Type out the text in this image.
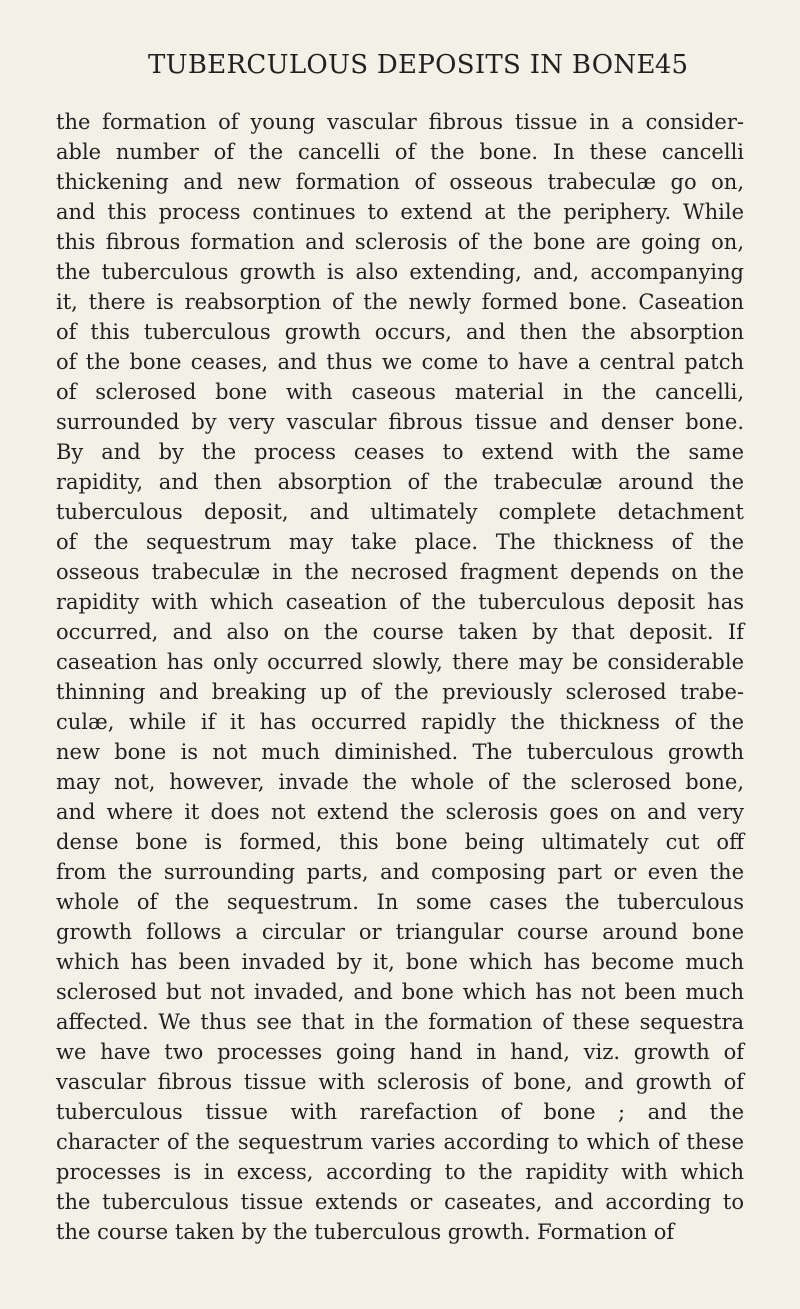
TUBERCULOUS DEPOSITS IN BONE 45
the formation of young vascular fibrous tissue in a consider-
able number of the cancelli of the bone. In these cancelli
thickening and new formation of osseous trabeculæ go on,
and this process continues to extend at the periphery. While
this fibrous formation and sclerosis of the bone are going on,
the tuberculous growth is also extending, and, accompanying
it, there is reabsorption of the newly formed bone. Caseation
of this tuberculous growth occurs, and then the absorption
of the bone ceases, and thus we come to have a central patch
of sclerosed bone with caseous material in the cancelli,
surrounded by very vascular fibrous tissue and denser bone.
By and by the process ceases to extend with the same
rapidity, and then absorption of the trabeculæ around the
tuberculous deposit, and ultimately complete detachment
of the sequestrum may take place. The thickness of the
osseous trabeculæ in the necrosed fragment depends on the
rapidity with which caseation of the tuberculous deposit has
occurred, and also on the course taken by that deposit. If
caseation has only occurred slowly, there may be considerable
thinning and breaking up of the previously sclerosed trabe-
culæ, while if it has occurred rapidly the thickness of the
new bone is not much diminished. The tuberculous growth
may not, however, invade the whole of the sclerosed bone,
and where it does not extend the sclerosis goes on and very
dense bone is formed, this bone being ultimately cut off
from the surrounding parts, and composing part or even the
whole of the sequestrum. In some cases the tuberculous
growth follows a circular or triangular course around bone
which has been invaded by it, bone which has become much
sclerosed but not invaded, and bone which has not been much
affected. We thus see that in the formation of these sequestra
we have two processes going hand in hand, viz. growth of
vascular fibrous tissue with sclerosis of bone, and growth of
tuberculous tissue with rarefaction of bone ; and the
character of the sequestrum varies according to which of these
processes is in excess, according to the rapidity with which
the tuberculous tissue extends or caseates, and according to
the course taken by the tuberculous growth. Formation of
